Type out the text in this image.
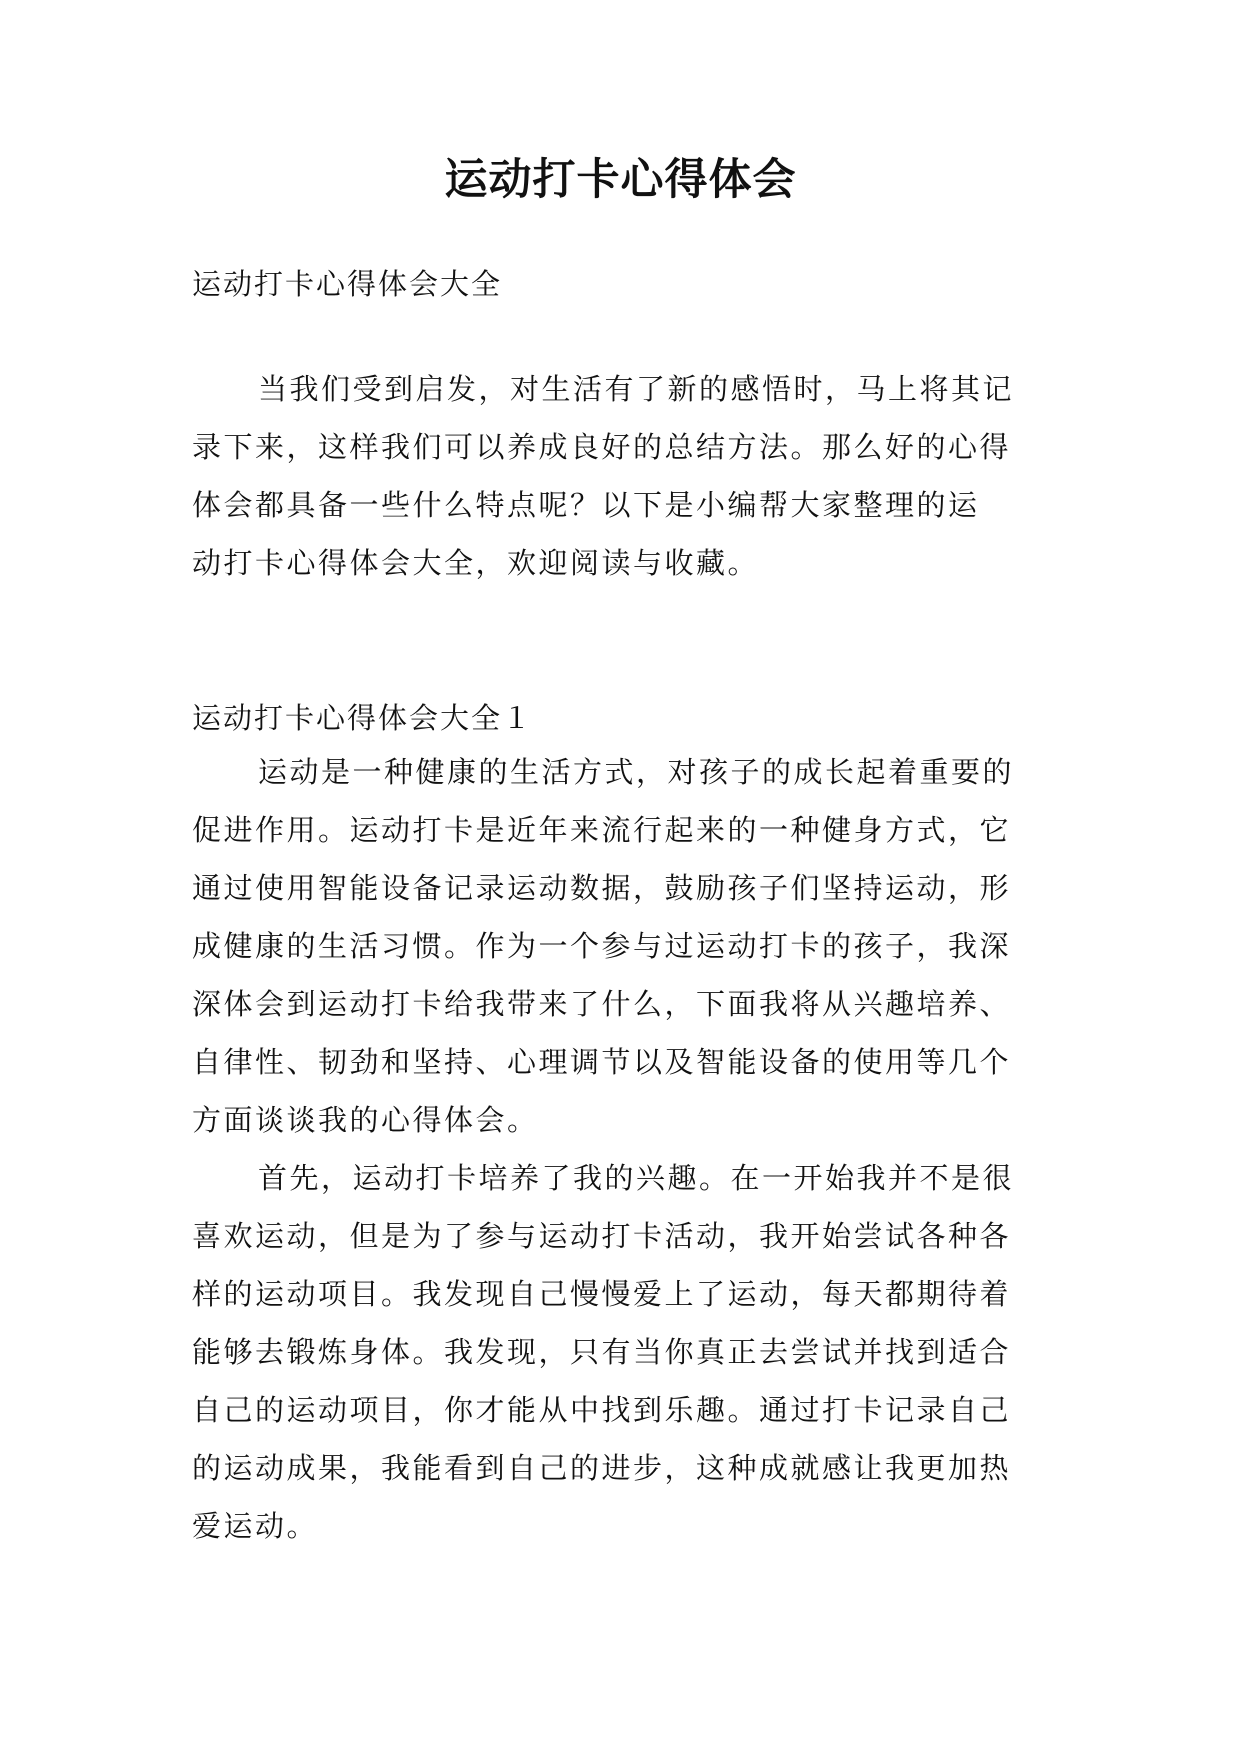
运动打卡心得体会
运动打卡心得体会大全
当我们受到启发，对生活有了新的感悟时，马上将其记
录下来，这样我们可以养成良好的总结方法。那么好的心得
体会都具备一些什么特点呢？以下是小编帮大家整理的运
动打卡心得体会大全，欢迎阅读与收藏。
运动打卡心得体会大全１
运动是一种健康的生活方式，对孩子的成长起着重要的
促进作用。运动打卡是近年来流行起来的一种健身方式，它
通过使用智能设备记录运动数据，鼓励孩子们坚持运动，形
成健康的生活习惯。作为一个参与过运动打卡的孩子，我深
深体会到运动打卡给我带来了什么，下面我将从兴趣培养、
自律性、韧劲和坚持、心理调节以及智能设备的使用等几个
方面谈谈我的心得体会。
首先，运动打卡培养了我的兴趣。在一开始我并不是很
喜欢运动，但是为了参与运动打卡活动，我开始尝试各种各
样的运动项目。我发现自己慢慢爱上了运动，每天都期待着
能够去锻炼身体。我发现，只有当你真正去尝试并找到适合
自己的运动项目，你才能从中找到乐趣。通过打卡记录自己
的运动成果，我能看到自己的进步，这种成就感让我更加热
爱运动。
